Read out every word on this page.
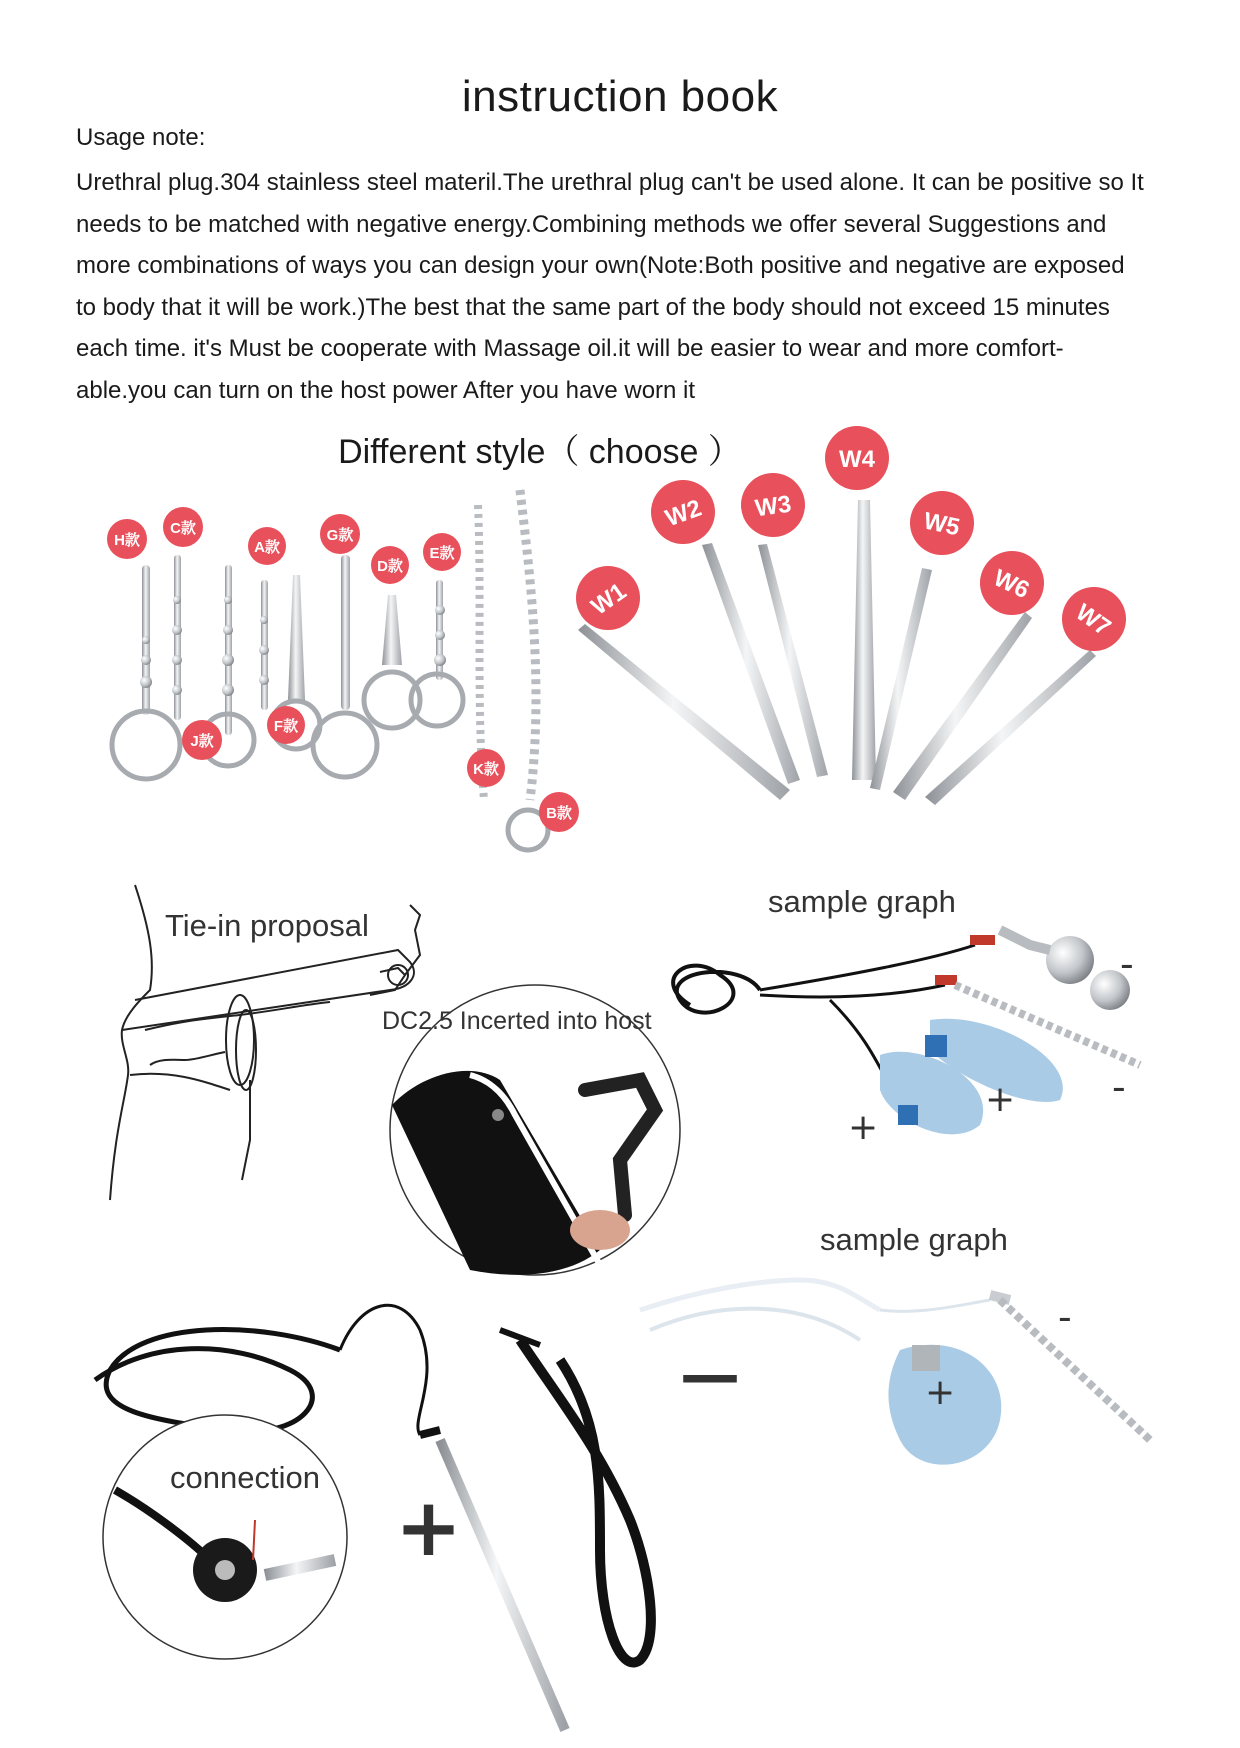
instruction book
Usage note:
Urethral plug.304 stainless steel materil.The urethral plug can't be used alone. It can be positive so It
needs to be matched with negative energy.Combining methods we offer several Suggestions and
more combinations of ways you can design your own(Note:Both positive and negative are exposed
to body that it will be work.)The best that the same part of the body should not exceed 15 minutes
each time. it's Must be cooperate with Massage oil.it will be easier to wear and more comfort-
able.you can turn on the host power After you have worn it
Different style（ choose ）
H款
C款
A款
G款
D款
E款
J款
F款
K款
B款
W1
W2 W3
W4
W5
W6
W7
Tie-in proposal
DC2.5 Incerted into host
sample graph
sample graph
connection
-
-
+
+
-
+
—
+
